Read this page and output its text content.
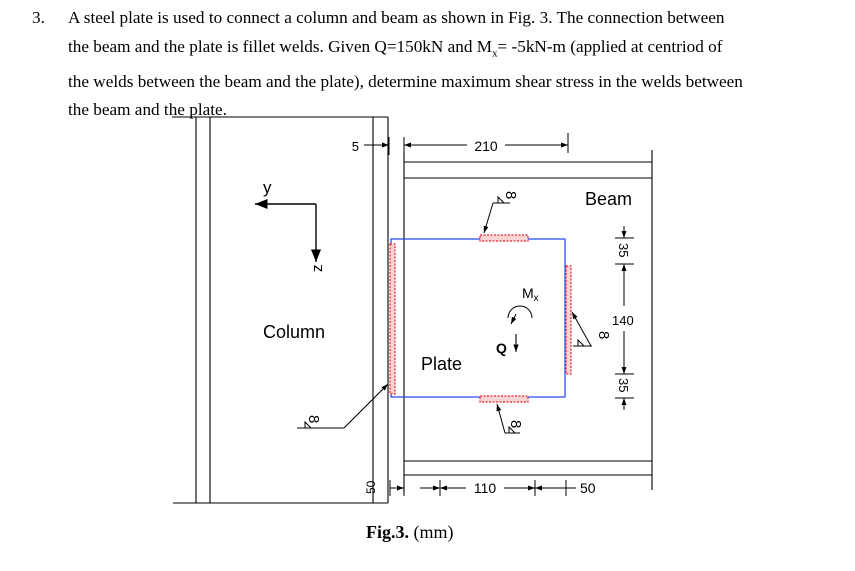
3. A steel plate is used to connect a column and beam as shown in Fig. 3. The connection between
the beam and the plate is fillet welds. Given Q=150kN and $M_x= -5kN-m$ (applied at centriod of
the welds between the beam and the plate), determine maximum shear stress in the welds between
the beam and the plate.
5	210
y
z
Column
Plate
Beam
8
8
8
8
$M_x$
Q
35
140
35
50	110	50
Fig.3. (mm)
